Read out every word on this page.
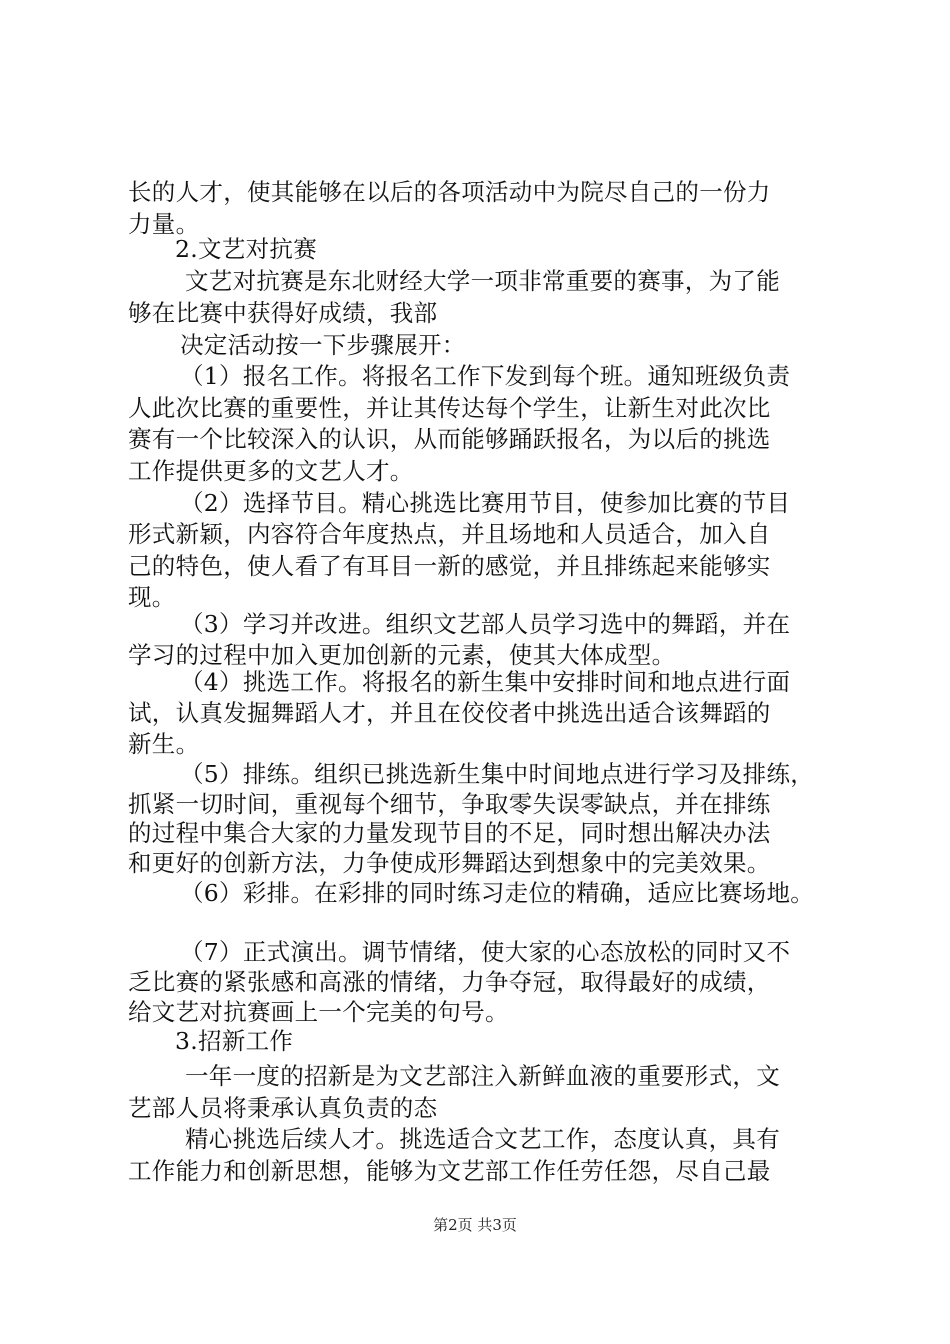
长的人才，使其能够在以后的各项活动中为院尽自己的一份力
力量。
2.文艺对抗赛
文艺对抗赛是东北财经大学一项非常重要的赛事，为了能
够在比赛中获得好成绩，我部
决定活动按一下步骤展开：
（1）报名工作。将报名工作下发到每个班。通知班级负责
人此次比赛的重要性，并让其传达每个学生，让新生对此次比
赛有一个比较深入的认识，从而能够踊跃报名，为以后的挑选
工作提供更多的文艺人才。
（2）选择节目。精心挑选比赛用节目，使参加比赛的节目
形式新颖，内容符合年度热点，并且场地和人员适合，加入自
己的特色，使人看了有耳目一新的感觉，并且排练起来能够实
现。
（3）学习并改进。组织文艺部人员学习选中的舞蹈，并在
学习的过程中加入更加创新的元素，使其大体成型。
（4）挑选工作。将报名的新生集中安排时间和地点进行面
试，认真发掘舞蹈人才，并且在佼佼者中挑选出适合该舞蹈的
新生。
（5）排练。组织已挑选新生集中时间地点进行学习及排练，
抓紧一切时间，重视每个细节，争取零失误零缺点，并在排练
的过程中集合大家的力量发现节目的不足，同时想出解决办法
和更好的创新方法，力争使成形舞蹈达到想象中的完美效果。
（6）彩排。在彩排的同时练习走位的精确，适应比赛场地。
（7）正式演出。调节情绪，使大家的心态放松的同时又不
乏比赛的紧张感和高涨的情绪，力争夺冠，取得最好的成绩，
给文艺对抗赛画上一个完美的句号。
3.招新工作
一年一度的招新是为文艺部注入新鲜血液的重要形式，文
艺部人员将秉承认真负责的态
精心挑选后续人才。挑选适合文艺工作，态度认真，具有
工作能力和创新思想，能够为文艺部工作任劳任怨，尽自己最
第2页 共3页
